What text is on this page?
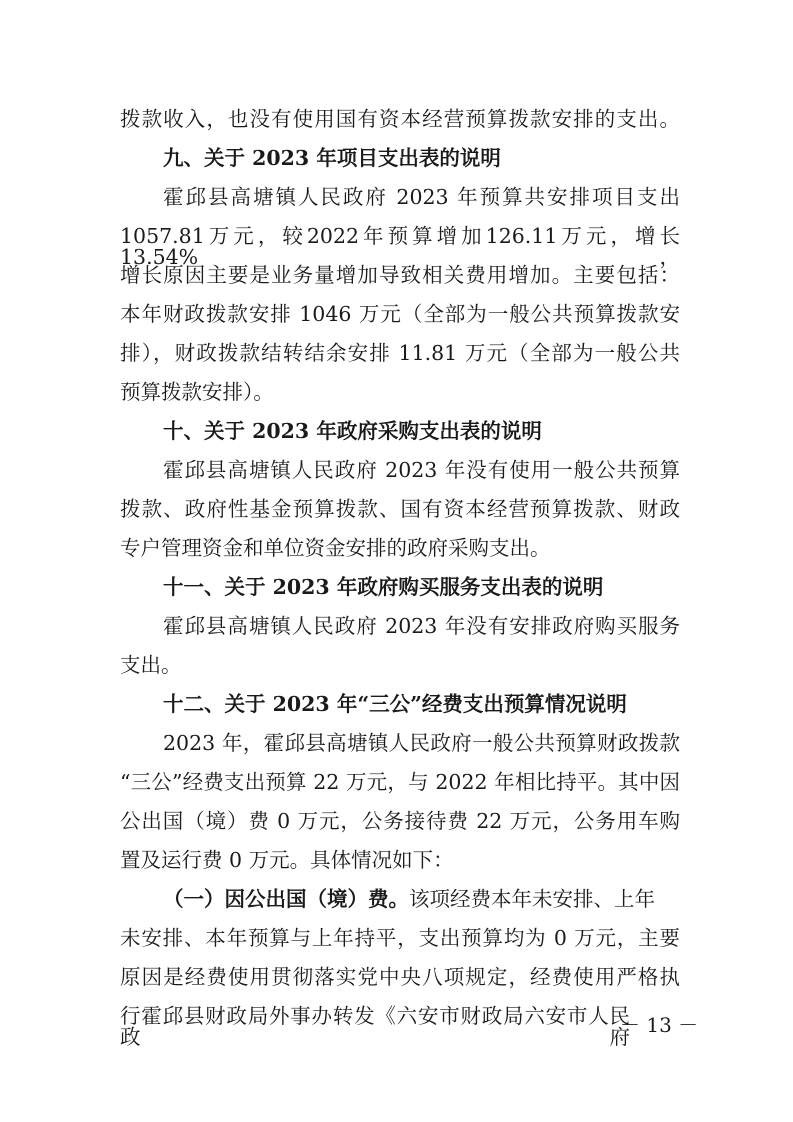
拨款收入，也没有使用国有资本经营预算拨款安排的支出。
九、关于 2023 年项目支出表的说明
霍邱县高塘镇人民政府 2023 年预算共安排项目支出
1057.81万元，较2022年预算增加126.11万元，增长13.54%，
增长原因主要是业务量增加导致相关费用增加。主要包括：
本年财政拨款安排 1046 万元（全部为一般公共预算拨款安
排），财政拨款结转结余安排 11.81 万元（全部为一般公共
预算拨款安排）。
十、关于 2023 年政府采购支出表的说明
霍邱县高塘镇人民政府 2023 年没有使用一般公共预算
拨款、政府性基金预算拨款、国有资本经营预算拨款、财政
专户管理资金和单位资金安排的政府采购支出。
十一、关于 2023 年政府购买服务支出表的说明
霍邱县高塘镇人民政府 2023 年没有安排政府购买服务
支出。
十二、关于 2023 年“三公”经费支出预算情况说明
2023 年，霍邱县高塘镇人民政府一般公共预算财政拨款
“三公”经费支出预算 22 万元，与 2022 年相比持平。其中因
公出国（境）费 0 万元，公务接待费 22 万元，公务用车购
置及运行费 0 万元。具体情况如下：
（一）因公出国（境）费。该项经费本年未安排、上年
未安排、本年预算与上年持平，支出预算均为 0 万元，主要
原因是经费使用贯彻落实党中央八项规定，经费使用严格执
行霍邱县财政局外事办转发《六安市财政局六安市人民政府
－ 13 －
